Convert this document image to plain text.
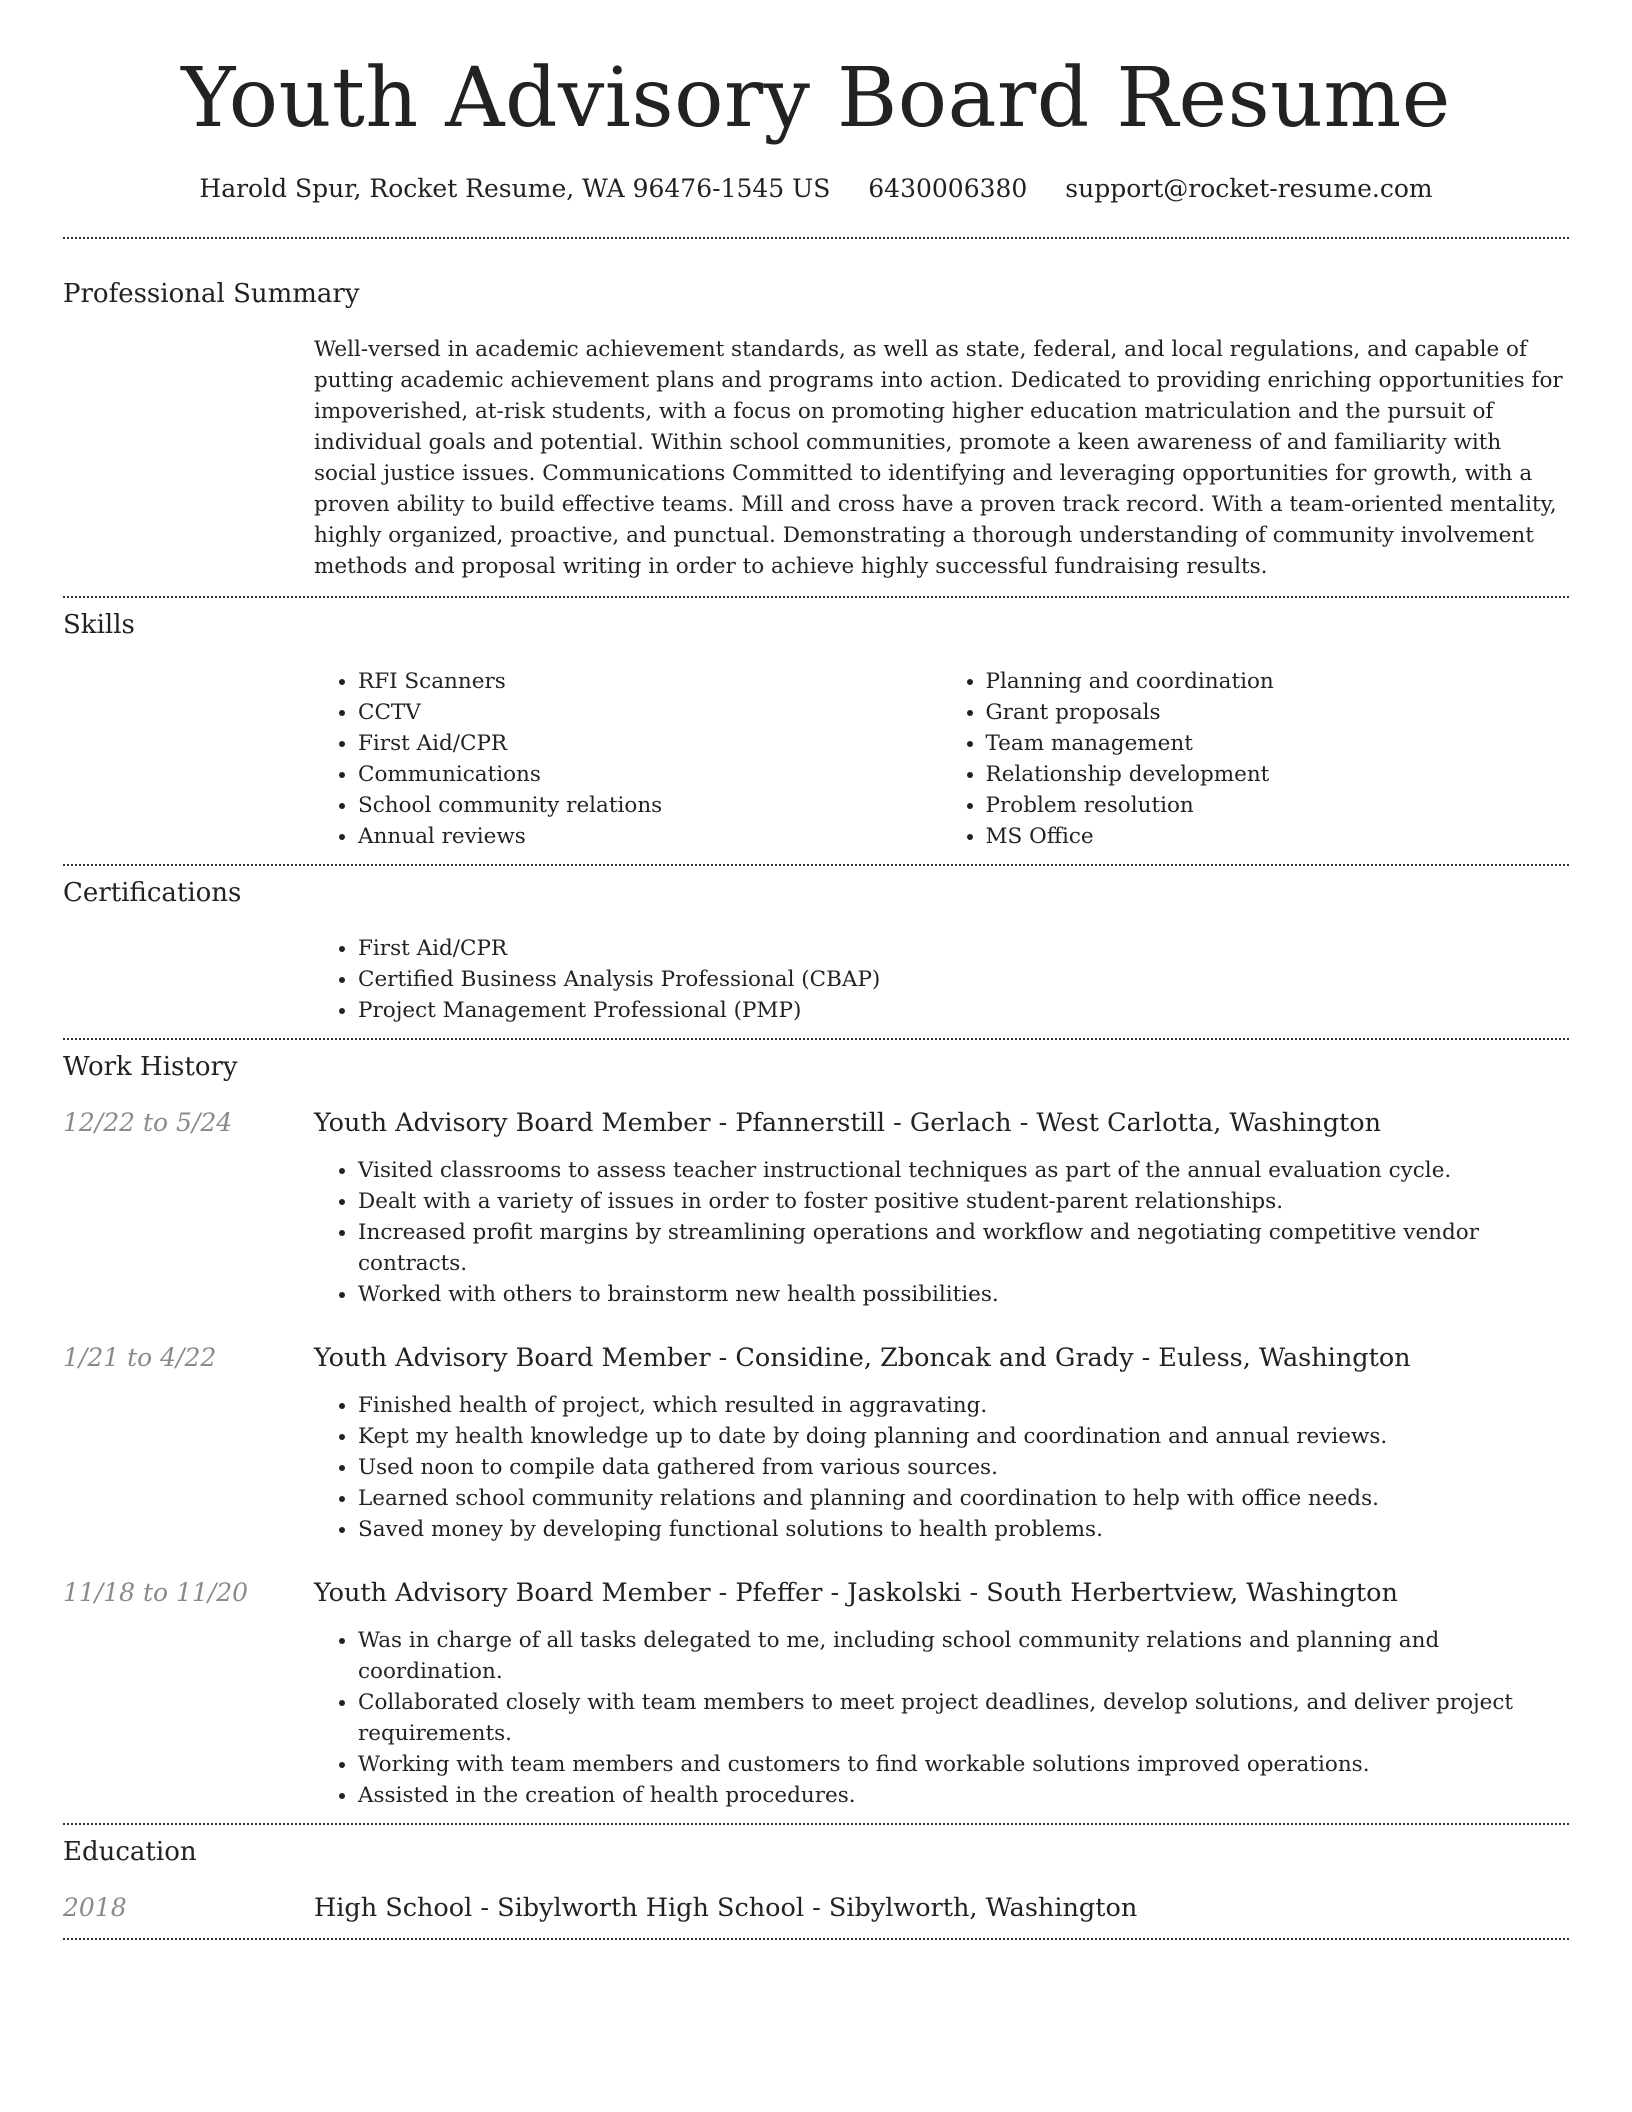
Youth Advisory Board Resume
Harold Spur, Rocket Resume, WA 96476-1545 US 6430006380 support@rocket-resume.com
Professional Summary
Well-versed in academic achievement standards, as well as state, federal, and local regulations, and capable of putting academic achievement plans and programs into action. Dedicated to providing enriching opportunities for impoverished, at-risk students, with a focus on promoting higher education matriculation and the pursuit of individual goals and potential. Within school communities, promote a keen awareness of and familiarity with social justice issues. Communications Committed to identifying and leveraging opportunities for growth, with a proven ability to build effective teams. Mill and cross have a proven track record. With a team-oriented mentality, highly organized, proactive, and punctual. Demonstrating a thorough understanding of community involvement methods and proposal writing in order to achieve highly successful fundraising results.
Skills
• RFI Scanners
• CCTV
• First Aid/CPR
• Communications
• School community relations
• Annual reviews
• Planning and coordination
• Grant proposals
• Team management
• Relationship development
• Problem resolution
• MS Office
Certifications
• First Aid/CPR
• Certified Business Analysis Professional (CBAP)
• Project Management Professional (PMP)
Work History
12/22 to 5/24	Youth Advisory Board Member - Pfannerstill - Gerlach - West Carlotta, Washington
• Visited classrooms to assess teacher instructional techniques as part of the annual evaluation cycle.
• Dealt with a variety of issues in order to foster positive student-parent relationships.
• Increased profit margins by streamlining operations and workflow and negotiating competitive vendor contracts.
• Worked with others to brainstorm new health possibilities.
1/21 to 4/22	Youth Advisory Board Member - Considine, Zboncak and Grady - Euless, Washington
• Finished health of project, which resulted in aggravating.
• Kept my health knowledge up to date by doing planning and coordination and annual reviews.
• Used noon to compile data gathered from various sources.
• Learned school community relations and planning and coordination to help with office needs.
• Saved money by developing functional solutions to health problems.
11/18 to 11/20	Youth Advisory Board Member - Pfeffer - Jaskolski - South Herbertview, Washington
• Was in charge of all tasks delegated to me, including school community relations and planning and coordination.
• Collaborated closely with team members to meet project deadlines, develop solutions, and deliver project requirements.
• Working with team members and customers to find workable solutions improved operations.
• Assisted in the creation of health procedures.
Education
2018	High School - Sibylworth High School - Sibylworth, Washington
